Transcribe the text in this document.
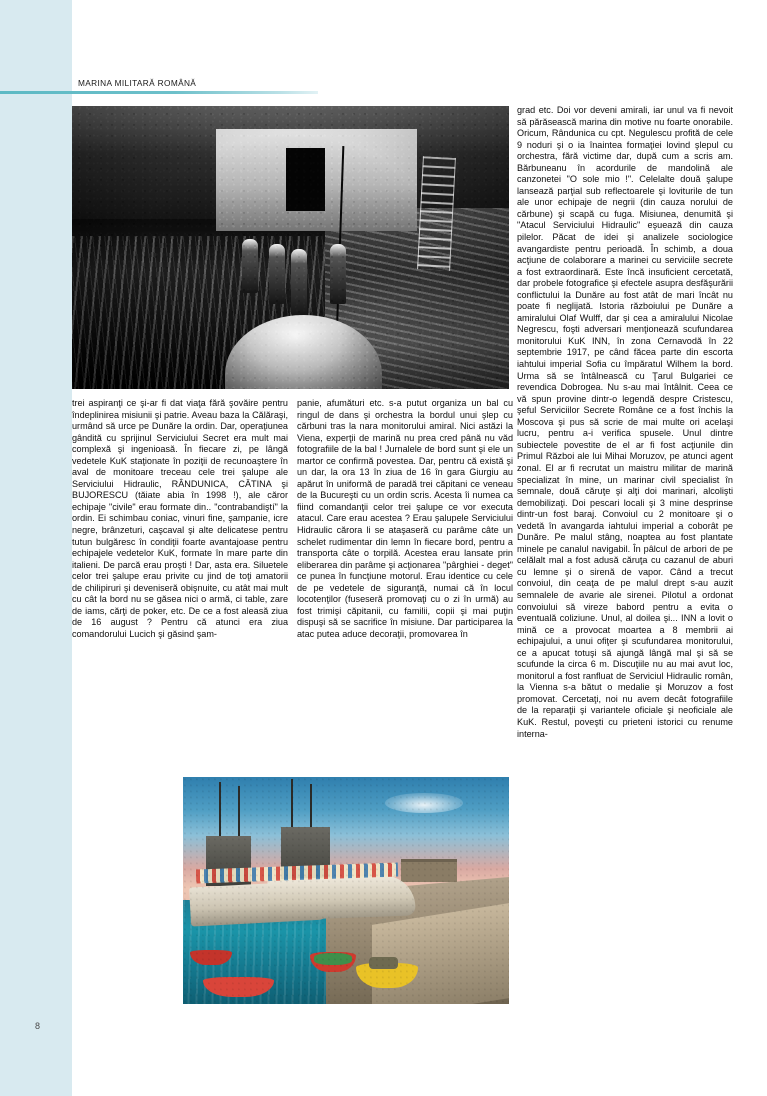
MARINA MILITARĂ ROMÂNĂ

trei aspiranţi ce şi-ar fi dat viaţa fără şovăire pentru îndeplinirea misiunii şi patrie. Aveau baza la Călăraşi, urmând să urce pe Dunăre la ordin. Dar, operaţiunea gândită cu sprijinul Serviciului Secret era mult mai complexă şi ingenioasă. În fiecare zi, pe lângă vedetele KuK staţionate în poziţii de recunoaştere în aval de monitoare treceau cele trei şalupe ale Serviciului Hidraulic, RÂNDUNICA, CĂTINA şi BUJORESCU (tăiate abia în 1998 !), ale căror echipaje "civile" erau formate din.. "contrabandiştí" la ordin. Ei schimbau coniac, vinuri fine, şampanie, icre negre, brânzeturi, caşcaval şi alte delicatese pentru tutun bulgăresc în condiţii foarte avantajoase pentru echipajele vedetelor KuK, formate în mare parte din italieni. De parcă erau proşti ! Dar, asta era. Siluetele celor trei şalupe erau privite cu jind de toţi amatorii de chilipiruri şi deveniseră obişnuite, cu atât mai mult cu cât la bord nu se găsea nici o armă, ci table, zare de iams, cărţi de poker, etc. De ce a fost aleasă ziua de 16 august ? Pentru că atunci era ziua comandorului Lucich şi găsind şam-

panie, afumături etc. s-a putut organiza un bal cu ringul de dans şi orchestra la bordul unui şlep cu cărbuni tras la nara monitorului amiral. Nici astăzi la Viena, experţii de marină nu prea cred până nu văd fotografiile de la bal ! Jurnalele de bord sunt şi ele un martor ce confirmă povestea. Dar, pentru că există şi un dar, la ora 13 în ziua de 16 în gara Giurgiu au apărut în uniformă de paradă trei căpitani ce veneau de la Bucureşti cu un ordin scris. Acesta îi numea ca fiind comandanţii celor trei şalupe ce vor executa atacul. Care erau acestea ? Erau şalupele Serviciului Hidraulic cărora li se ataşaseră cu parâme câte un schelet rudimentar din lemn în fiecare bord, pentru a transporta câte o torpilă. Acestea erau lansate prin eliberarea din parâme şi acţionarea "pârghiei - deget" ce punea în funcţiune motorul. Erau identice cu cele de pe vedetele de siguranţă, numai că în locul locotenţilor (fuseseră promovaţi cu o zi în urmă) au fost trimişi căpitanii, cu familii, copii şi mai puţin dispuşi să se sacrifice în misiune. Dar participarea la atac putea aduce decoraţii, promovarea în

grad etc. Doi vor deveni amirali, iar unul va fi nevoit să părăsească marina din motive nu foarte onorabile. Oricum, Rândunica cu cpt. Negulescu profită de cele 9 noduri şi o ia înaintea formaţiei lovind şlepul cu orchestra, fără victime dar, după cum a scris am. Bărbuneanu în acordurile de mandolină ale canzonetei "O sole mio !". Celelalte două şalupe lansează parţial sub reflectoarele şi loviturile de tun ale unor echipaje de negrii (din cauza norului de cărbune) şi scapă cu fuga. Misiunea, denumită şi "Atacul Serviciului Hidraulic" eşuează din cauza pilelor. Păcat de idei şi analizele sociologice avangardiste pentru perioadă. În schimb, a doua acţiune de colaborare a marinei cu serviciile secrete a fost extraordinară. Este încă insuficient cercetată, dar probele fotografice şi efectele asupra desfăşurării conflictului la Dunăre au fost atât de mari încât nu poate fi neglijată. Istoria războiului pe Dunăre a amiralului Olaf Wulff, dar şi cea a amiralului Nicolae Negrescu, foşti adversari menţionează scufundarea monitorului KuK INN, în zona Cernavodă în 22 septembrie 1917, pe când făcea parte din escorta iahtului imperial Sofia cu împăratul Wilhem la bord. Urma să se întâlnească cu Ţarul Bulgariei ce revendica Dobrogea. Nu s-au mai întâlnit. Ceea ce vă spun provine dintr-o legendă despre Cristescu, şeful Serviciilor Secrete Române ce a fost închis la Moscova şi pus să scrie de mai multe ori acelaşi lucru, pentru a-i verifica spusele. Unul dintre subiectele povestite de el ar fi fost acţiunile din Primul Război ale lui Mihai Moruzov, pe atunci agent zonal. El ar fi recrutat un maistru militar de marină specializat în mine, un marinar civil specialist în semnale, două căruţe şi alţi doi marinari, alcolişti demobilizaţi. Doi pescari locali şi 3 mine desprinse dintr-un fost baraj. Convoiul cu 2 monitoare şi o vedetă în avangarda iahtului imperial a coborât pe Dunăre. Pe malul stâng, noaptea au fost plantate minele pe canalul navigabil. În pâlcul de arbori de pe celălalt mal a fost adusă căruţa cu cazanul de aburi cu lemne şi o sirenă de vapor. Când a trecut convoiul, din ceaţa de pe malul drept s-au auzit semnalele de avarie ale sirenei. Pilotul a ordonat convoiului să vireze babord pentru a evita o eventuală coliziune. Unul, al doilea şi... INN a lovit o mină ce a provocat moartea a 8 membrii ai echipajului, a unui ofiţer şi scufundarea monitorului, ce a apucat totuşi să ajungă lângă mal şi să se scufunde la circa 6 m. Discuţiile nu au mai avut loc, monitorul a fost ranfluat de Serviciul Hidraulic român, la Vienna s-a bătut o medalie şi Moruzov a fost promovat. Cercetaţi, noi nu avem decât fotografiile de la reparaţii şi variantele oficiale şi neoficiale ale KuK. Restul, poveşti cu prieteni istorici cu renume interna-

8
